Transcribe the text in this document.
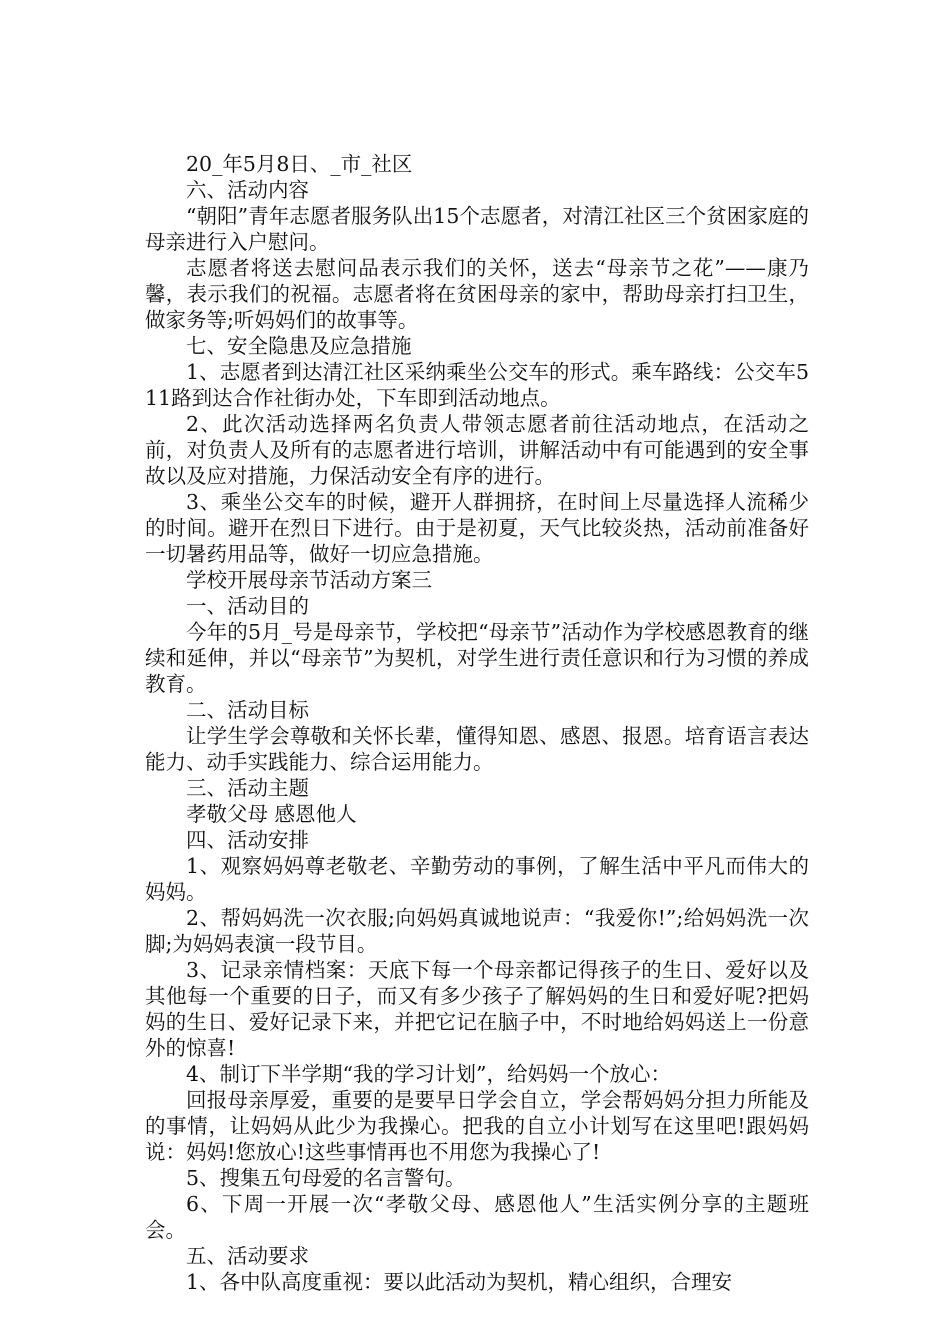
20_年5月8日、_市_社区

六、活动内容

“朝阳”青年志愿者服务队出15个志愿者，对清江社区三个贫困家庭的母亲进行入户慰问。

志愿者将送去慰问品表示我们的关怀，送去“母亲节之花”——康乃馨，表示我们的祝福。志愿者将在贫困母亲的家中，帮助母亲打扫卫生，做家务等;听妈妈们的故事等。

七、安全隐患及应急措施

1、志愿者到达清江社区采纳乘坐公交车的形式。乘车路线：公交车511路到达合作社街办处，下车即到活动地点。

2、此次活动选择两名负责人带领志愿者前往活动地点，在活动之前，对负责人及所有的志愿者进行培训，讲解活动中有可能遇到的安全事故以及应对措施，力保活动安全有序的进行。

3、乘坐公交车的时候，避开人群拥挤，在时间上尽量选择人流稀少的时间。避开在烈日下进行。由于是初夏，天气比较炎热，活动前准备好一切暑药用品等，做好一切应急措施。

学校开展母亲节活动方案三

一、活动目的

今年的5月_号是母亲节，学校把“母亲节”活动作为学校感恩教育的继续和延伸，并以“母亲节”为契机，对学生进行责任意识和行为习惯的养成教育。

二、活动目标

让学生学会尊敬和关怀长辈，懂得知恩、感恩、报恩。培育语言表达能力、动手实践能力、综合运用能力。

三、活动主题

孝敬父母 感恩他人

四、活动安排

1、观察妈妈尊老敬老、辛勤劳动的事例，了解生活中平凡而伟大的妈妈。

2、帮妈妈洗一次衣服;向妈妈真诚地说声：“我爱你!”;给妈妈洗一次脚;为妈妈表演一段节目。

3、记录亲情档案：天底下每一个母亲都记得孩子的生日、爱好以及其他每一个重要的日子，而又有多少孩子了解妈妈的生日和爱好呢?把妈妈的生日、爱好记录下来，并把它记在脑子中，不时地给妈妈送上一份意外的惊喜!

4、制订下半学期“我的学习计划”，给妈妈一个放心：

回报母亲厚爱，重要的是要早日学会自立，学会帮妈妈分担力所能及的事情，让妈妈从此少为我操心。把我的自立小计划写在这里吧!跟妈妈说：妈妈!您放心!这些事情再也不用您为我操心了!

5、搜集五句母爱的名言警句。

6、下周一开展一次“孝敬父母、感恩他人”生活实例分享的主题班会。

五、活动要求

1、各中队高度重视：要以此活动为契机，精心组织，合理安
